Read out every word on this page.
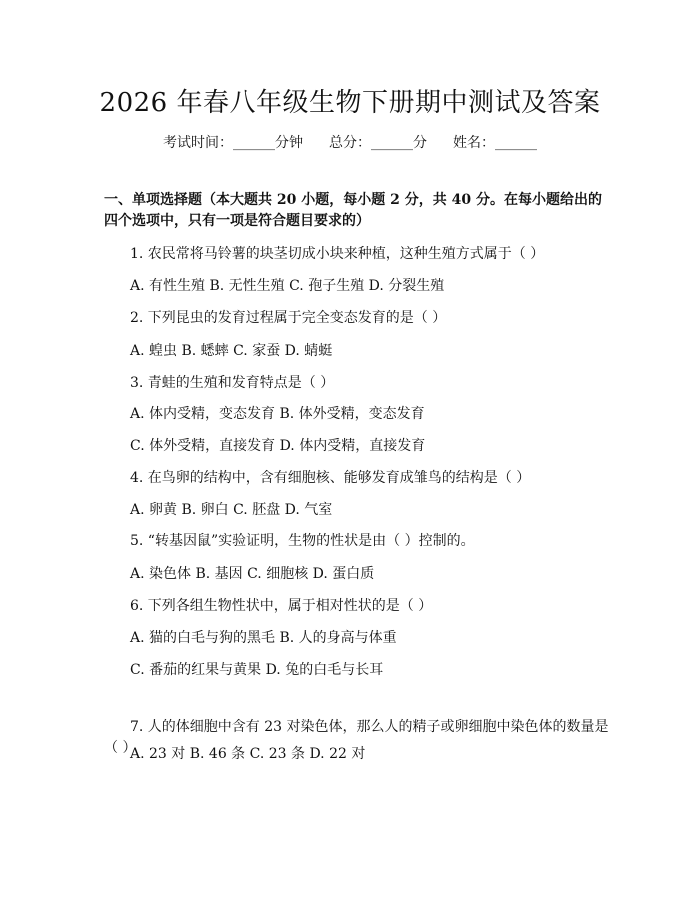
2026 年春八年级生物下册期中测试及答案
考试时间：______分钟 总分：______分 姓名：______
一、单项选择题（本大题共 20 小题，每小题 2 分，共 40 分。在每小题给出的四个选项中，只有一项是符合题目要求的）
1. 农民常将马铃薯的块茎切成小块来种植，这种生殖方式属于（ ）
A. 有性生殖 B. 无性生殖 C. 孢子生殖 D. 分裂生殖
2. 下列昆虫的发育过程属于完全变态发育的是（ ）
A. 蝗虫 B. 蟋蟀 C. 家蚕 D. 蜻蜓
3. 青蛙的生殖和发育特点是（ ）
A. 体内受精，变态发育 B. 体外受精，变态发育
C. 体外受精，直接发育 D. 体内受精，直接发育
4. 在鸟卵的结构中，含有细胞核、能够发育成雏鸟的结构是（ ）
A. 卵黄 B. 卵白 C. 胚盘 D. 气室
5. “转基因鼠”实验证明，生物的性状是由（ ）控制的。
A. 染色体 B. 基因 C. 细胞核 D. 蛋白质
6. 下列各组生物性状中，属于相对性状的是（ ）
A. 猫的白毛与狗的黑毛 B. 人的身高与体重
C. 番茄的红果与黄果 D. 兔的白毛与长耳
7. 人的体细胞中含有 23 对染色体，那么人的精子或卵细胞中染色体的数量是（ ）
A. 23 对 B. 46 条 C. 23 条 D. 22 对
